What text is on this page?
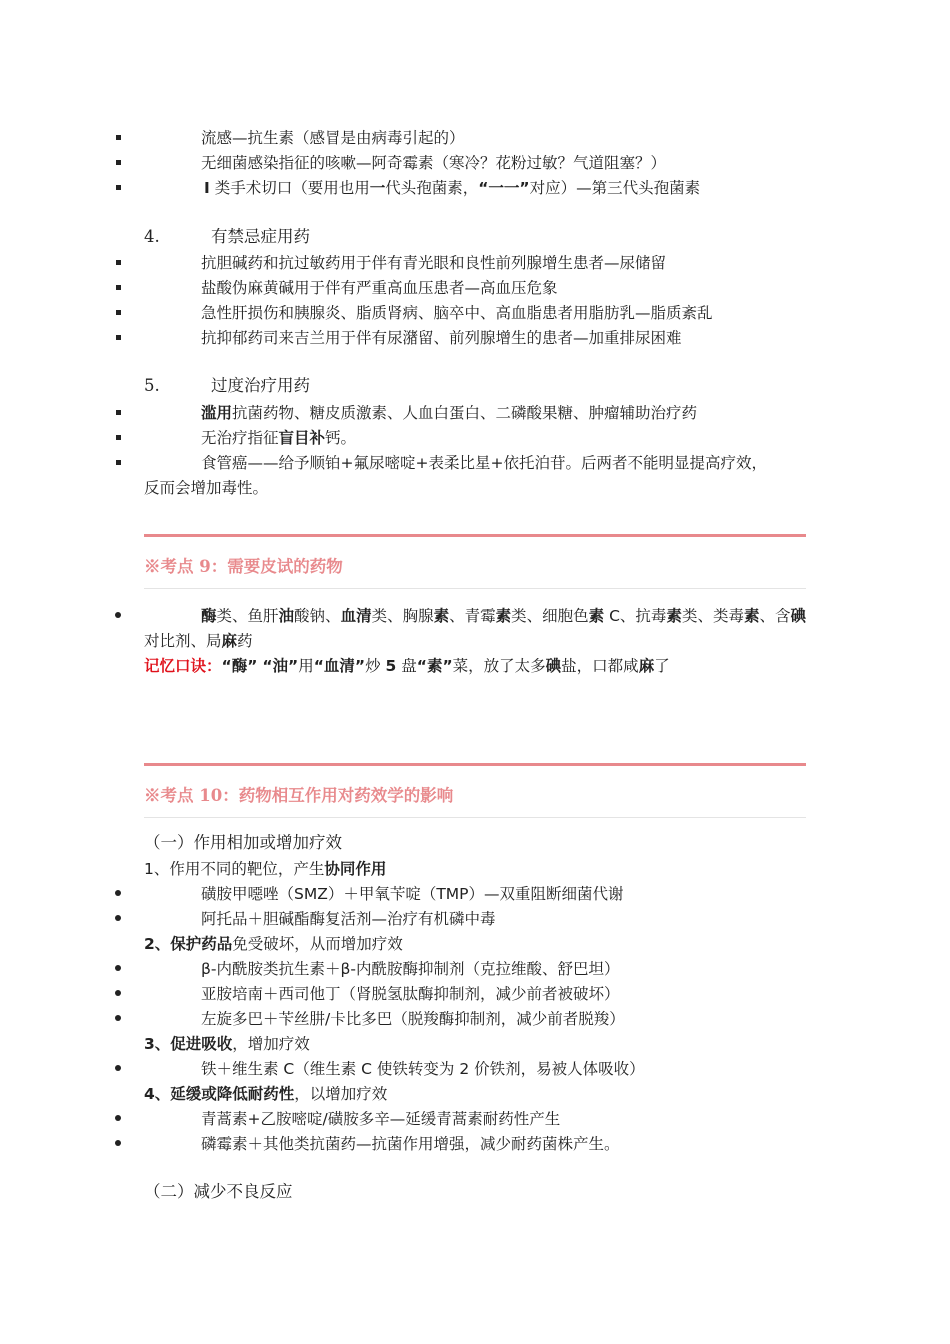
流感—抗生素（感冒是由病毒引起的）
无细菌感染指征的咳嗽—阿奇霉素（寒冷？花粉过敏？气道阻塞？）
Ⅰ 类手术切口（要用也用一代头孢菌素，“一一”对应）—第三代头孢菌素
4.	有禁忌症用药
抗胆碱药和抗过敏药用于伴有青光眼和良性前列腺增生患者—尿储留
盐酸伪麻黄碱用于伴有严重高血压患者—高血压危象
急性肝损伤和胰腺炎、脂质肾病、脑卒中、高血脂患者用脂肪乳—脂质紊乱
抗抑郁药司来吉兰用于伴有尿潴留、前列腺增生的患者—加重排尿困难
5.	过度治疗用药
滥用抗菌药物、糖皮质激素、人血白蛋白、二磷酸果糖、肿瘤辅助治疗药
无治疗指征盲目补钙。
食管癌——给予顺铂+氟尿嘧啶+表柔比星+依托泊苷。后两者不能明显提高疗效，
反而会增加毒性。
※考点 9：需要皮试的药物
酶类、鱼肝油酸钠、血清类、胸腺素、青霉素类、细胞色素 C、抗毒素类、类毒素、含碘
对比剂、局麻药
记忆口诀：“酶” “油”用“血清”炒 5 盘“素”菜，放了太多碘盐，口都咸麻了
※考点 10：药物相互作用对药效学的影响
（一）作用相加或增加疗效
1、作用不同的靶位，产生协同作用
磺胺甲噁唑（SMZ）＋甲氧苄啶（TMP）—双重阻断细菌代谢
阿托品＋胆碱酯酶复活剂—治疗有机磷中毒
2、保护药品免受破坏，从而增加疗效
β-内酰胺类抗生素＋β-内酰胺酶抑制剂（克拉维酸、舒巴坦）
亚胺培南＋西司他丁（肾脱氢肽酶抑制剂，减少前者被破坏）
左旋多巴＋苄丝肼/卡比多巴（脱羧酶抑制剂，减少前者脱羧）
3、促进吸收，增加疗效
铁＋维生素 C（维生素 C 使铁转变为 2 价铁剂，易被人体吸收）
4、延缓或降低耐药性，以增加疗效
青蒿素+乙胺嘧啶/磺胺多辛—延缓青蒿素耐药性产生
磷霉素＋其他类抗菌药—抗菌作用增强，减少耐药菌株产生。
（二）减少不良反应
